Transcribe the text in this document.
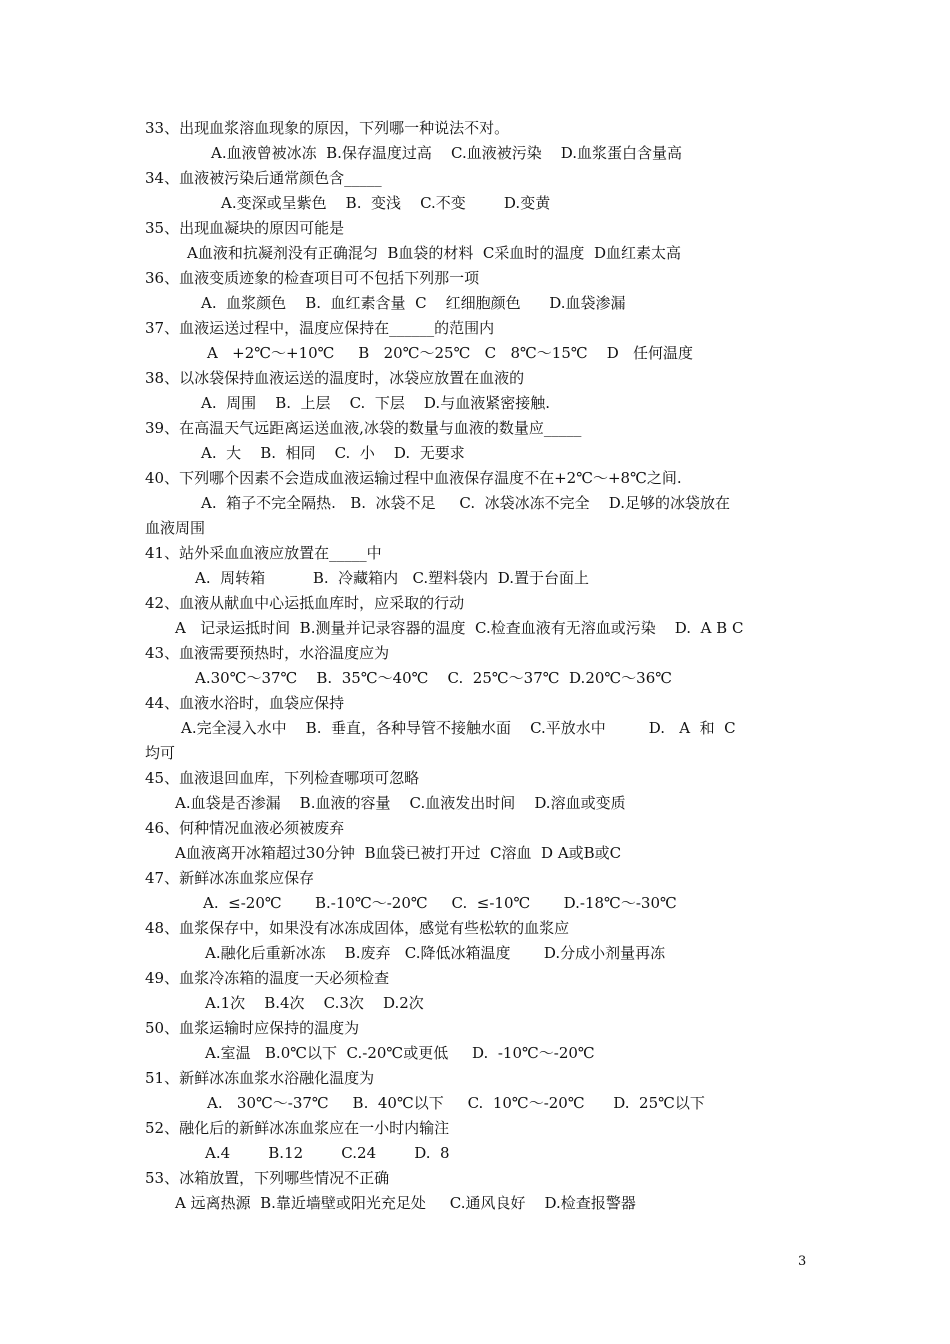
33、出现血浆溶血现象的原因，下列哪一种说法不对。
A.血液曾被冰冻  B.保存温度过高    C.血液被污染    D.血浆蛋白含量高
34、血液被污染后通常颜色含_____
A.变深或呈紫色    B.  变浅    C.不变        D.变黄
35、出现血凝块的原因可能是
A血液和抗凝剂没有正确混匀  B血袋的材料  C采血时的温度  D血红素太高
36、血液变质迹象的检查项目可不包括下列那一项
A.  血浆颜色    B.  血红素含量  C    红细胞颜色      D.血袋渗漏
37、血液运送过程中，温度应保持在______的范围内
A   +2℃～+10℃     B   20℃～25℃   C   8℃～15℃    D   任何温度
38、以冰袋保持血液运送的温度时，冰袋应放置在血液的
A.  周围    B.  上层    C.  下层    D.与血液紧密接触.
39、在高温天气远距离运送血液,冰袋的数量与血液的数量应_____
A.  大    B.  相同    C.  小    D.  无要求
40、下列哪个因素不会造成血液运输过程中血液保存温度不在+2℃～+8℃之间.
A.  箱子不完全隔热.   B.  冰袋不足     C.  冰袋冰冻不完全    D.足够的冰袋放在
血液周围
41、站外采血血液应放置在_____中
A.  周转箱          B.  冷藏箱内   C.塑料袋内  D.置于台面上
42、血液从献血中心运抵血库时，应采取的行动
A   记录运抵时间  B.测量并记录容器的温度  C.检查血液有无溶血或污染    D.  A B C
43、血液需要预热时，水浴温度应为
A.30℃～37℃    B.  35℃～40℃    C.  25℃～37℃  D.20℃～36℃
44、血液水浴时，血袋应保持
A.完全浸入水中    B.  垂直，各种导管不接触水面    C.平放水中         D.   A  和  C
均可
45、血液退回血库，下列检查哪项可忽略
A.血袋是否渗漏    B.血液的容量    C.血液发出时间    D.溶血或变质
46、何种情况血液必须被废弃
A血液离开冰箱超过30分钟  B血袋已被打开过  C溶血  D A或B或C
47、新鲜冰冻血浆应保存
A.  ≤-20℃       B.-10℃～-20℃     C.  ≤-10℃       D.-18℃～-30℃
48、血浆保存中，如果没有冰冻成固体，感觉有些松软的血浆应
A.融化后重新冰冻    B.废弃   C.降低冰箱温度       D.分成小剂量再冻
49、血浆冷冻箱的温度一天必须检查
A.1次    B.4次    C.3次    D.2次
50、血浆运输时应保持的温度为
A.室温   B.0℃以下  C.-20℃或更低     D.  -10℃～-20℃
51、新鲜冰冻血浆水浴融化温度为
A.   30℃～-37℃     B.  40℃以下     C.  10℃～-20℃      D.  25℃以下
52、融化后的新鲜冰冻血浆应在一小时内输注
A.4        B.12        C.24        D.  8
53、冰箱放置，下列哪些情况不正确
A 远离热源  B.靠近墙壁或阳光充足处     C.通风良好    D.检查报警器
3
